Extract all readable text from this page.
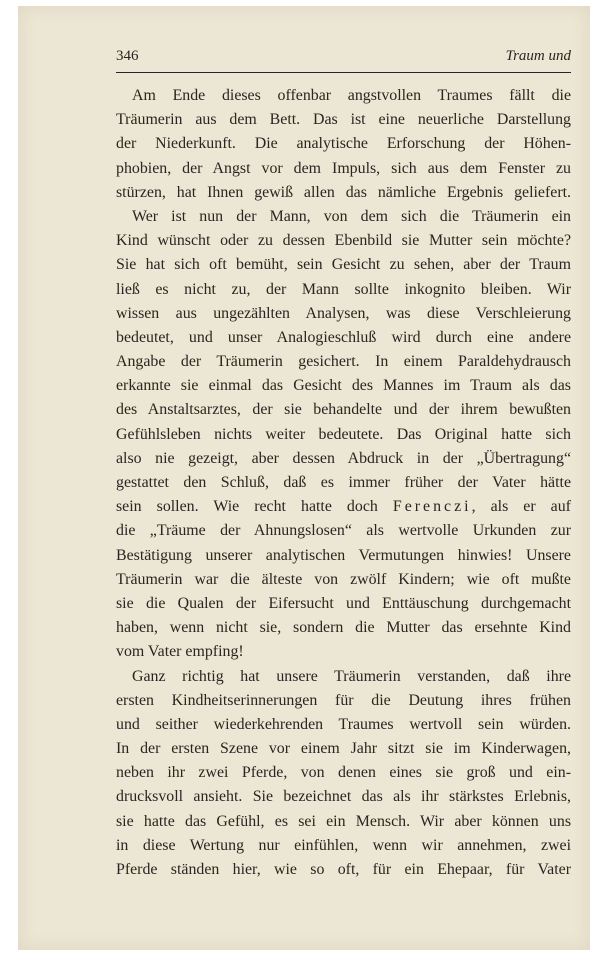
346	Traum und
Am Ende dieses offenbar angstvollen Traumes fällt die
Träumerin aus dem Bett. Das ist eine neuerliche Darstellung
der Niederkunft. Die analytische Erforschung der Höhen-
phobien, der Angst vor dem Impuls, sich aus dem Fenster zu
stürzen, hat Ihnen gewiß allen das nämliche Ergebnis geliefert.
Wer ist nun der Mann, von dem sich die Träumerin ein
Kind wünscht oder zu dessen Ebenbild sie Mutter sein möchte?
Sie hat sich oft bemüht, sein Gesicht zu sehen, aber der Traum
ließ es nicht zu, der Mann sollte inkognito bleiben. Wir
wissen aus ungezählten Analysen, was diese Verschleierung
bedeutet, und unser Analogieschluß wird durch eine andere
Angabe der Träumerin gesichert. In einem Paraldehydrausch
erkannte sie einmal das Gesicht des Mannes im Traum als das
des Anstaltsarztes, der sie behandelte und der ihrem bewußten
Gefühlsleben nichts weiter bedeutete. Das Original hatte sich
also nie gezeigt, aber dessen Abdruck in der „Übertragung“
gestattet den Schluß, daß es immer früher der Vater hätte
sein sollen. Wie recht hatte doch Ferenczi, als er auf
die „Träume der Ahnungslosen“ als wertvolle Urkunden zur
Bestätigung unserer analytischen Vermutungen hinwies! Unsere
Träumerin war die älteste von zwölf Kindern; wie oft mußte
sie die Qualen der Eifersucht und Enttäuschung durchgemacht
haben, wenn nicht sie, sondern die Mutter das ersehnte Kind
vom Vater empfing!
Ganz richtig hat unsere Träumerin verstanden, daß ihre
ersten Kindheitserinnerungen für die Deutung ihres frühen
und seither wiederkehrenden Traumes wertvoll sein würden.
In der ersten Szene vor einem Jahr sitzt sie im Kinderwagen,
neben ihr zwei Pferde, von denen eines sie groß und ein-
drucksvoll ansieht. Sie bezeichnet das als ihr stärkstes Erlebnis,
sie hatte das Gefühl, es sei ein Mensch. Wir aber können uns
in diese Wertung nur einfühlen, wenn wir annehmen, zwei
Pferde ständen hier, wie so oft, für ein Ehepaar, für Vater
